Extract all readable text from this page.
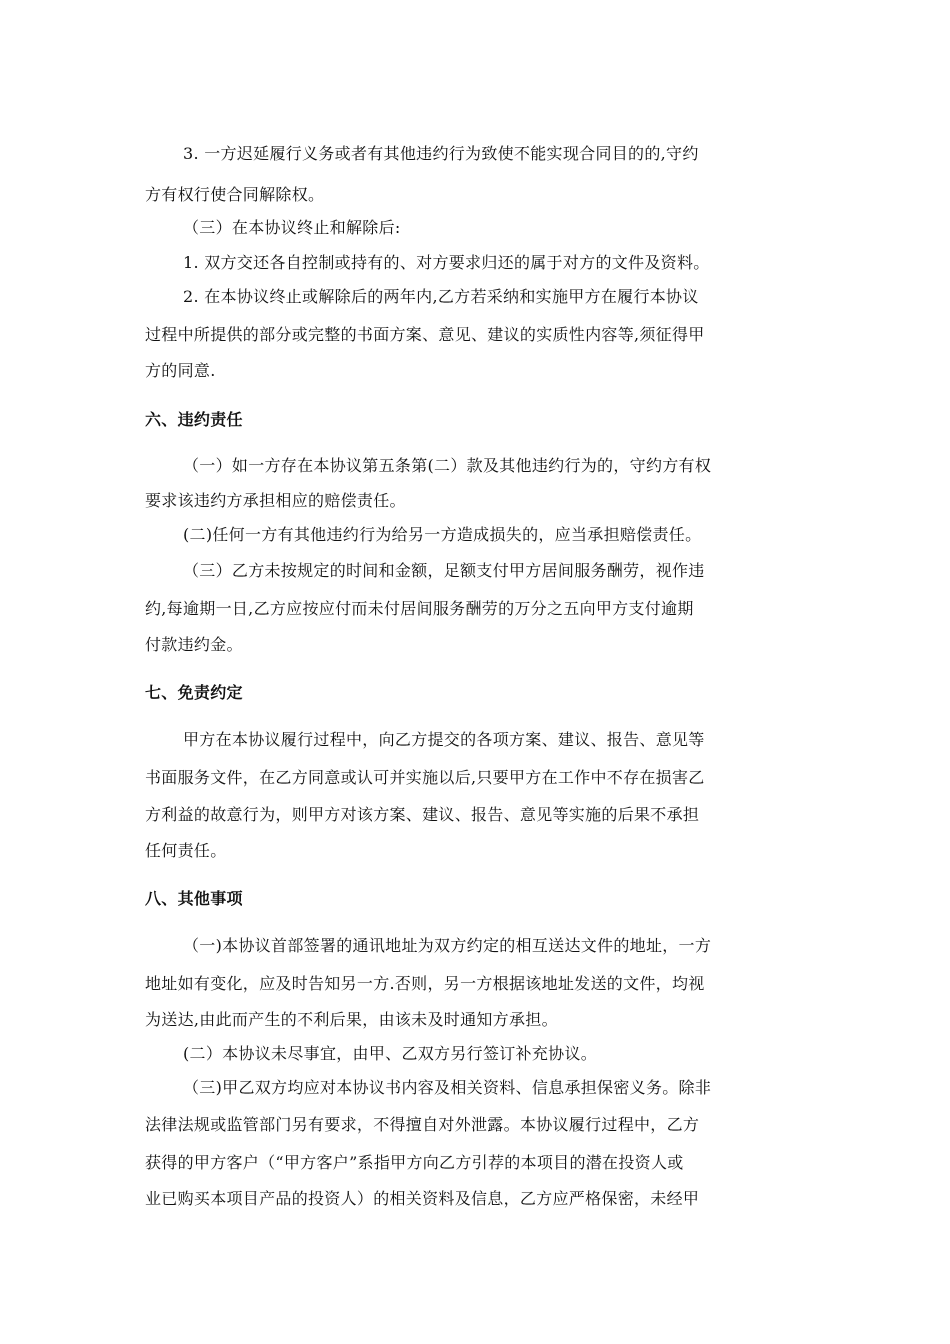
3. 一方迟延履行义务或者有其他违约行为致使不能实现合同目的的,守约
方有权行使合同解除权。
（三）在本协议终止和解除后:
1. 双方交还各自控制或持有的、对方要求归还的属于对方的文件及资料。
2. 在本协议终止或解除后的两年内,乙方若采纳和实施甲方在履行本协议
过程中所提供的部分或完整的书面方案、意见、建议的实质性内容等,须征得甲
方的同意.
六、违约责任
（一）如一方存在本协议第五条第(二）款及其他违约行为的，守约方有权
要求该违约方承担相应的赔偿责任。
(二)任何一方有其他违约行为给另一方造成损失的，应当承担赔偿责任。
（三）乙方未按规定的时间和金额，足额支付甲方居间服务酬劳，视作违
约,每逾期一日,乙方应按应付而未付居间服务酬劳的万分之五向甲方支付逾期
付款违约金。
七、免责约定
甲方在本协议履行过程中，向乙方提交的各项方案、建议、报告、意见等
书面服务文件，在乙方同意或认可并实施以后,只要甲方在工作中不存在损害乙
方利益的故意行为，则甲方对该方案、建议、报告、意见等实施的后果不承担
任何责任。
八、其他事项
（一)本协议首部签署的通讯地址为双方约定的相互送达文件的地址，一方
地址如有变化，应及时告知另一方.否则，另一方根据该地址发送的文件，均视
为送达,由此而产生的不利后果，由该未及时通知方承担。
(二）本协议未尽事宜，由甲、乙双方另行签订补充协议。
（三)甲乙双方均应对本协议书内容及相关资料、信息承担保密义务。除非
法律法规或监管部门另有要求，不得擅自对外泄露。本协议履行过程中，乙方
获得的甲方客户（“甲方客户”系指甲方向乙方引荐的本项目的潜在投资人或
业已购买本项目产品的投资人）的相关资料及信息，乙方应严格保密，未经甲
